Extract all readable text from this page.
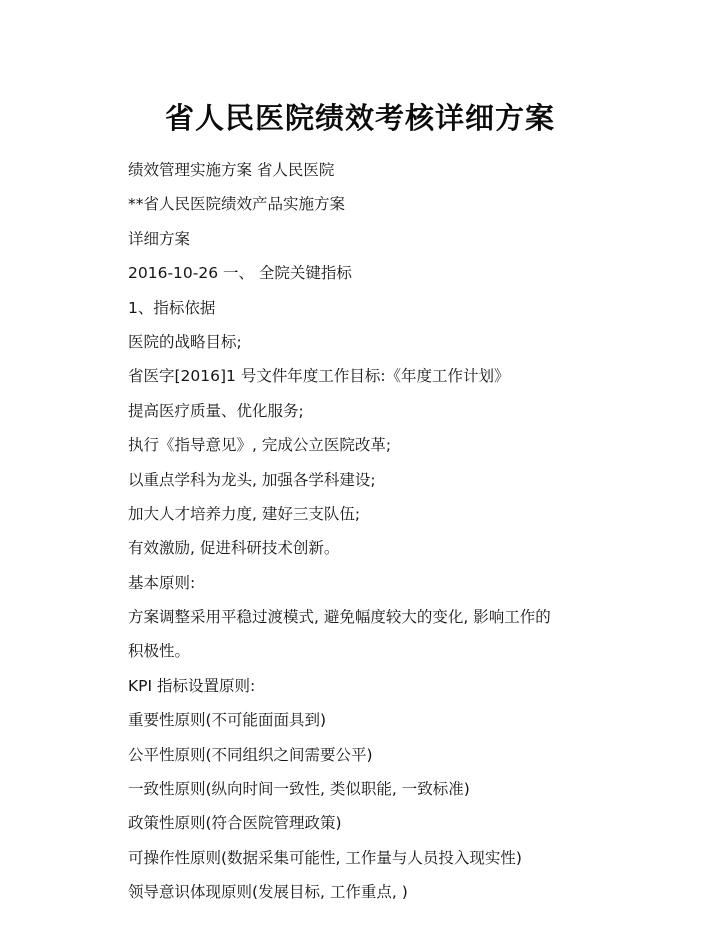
省人民医院绩效考核详细方案
绩效管理实施方案 省人民医院
**省人民医院绩效产品实施方案
详细方案
2016-10-26 一、 全院关键指标
1、指标依据
医院的战略目标;
省医字[2016]1 号文件年度工作目标:《年度工作计划》
提高医疗质量、优化服务;
执行《指导意见》, 完成公立医院改革;
以重点学科为龙头, 加强各学科建设;
加大人才培养力度, 建好三支队伍;
有效激励, 促进科研技术创新。
基本原则:
方案调整采用平稳过渡模式, 避免幅度较大的变化, 影响工作的
积极性。
KPI 指标设置原则:
重要性原则(不可能面面具到)
公平性原则(不同组织之间需要公平)
一致性原则(纵向时间一致性, 类似职能, 一致标准)
政策性原则(符合医院管理政策)
可操作性原则(数据采集可能性, 工作量与人员投入现实性)
领导意识体现原则(发展目标, 工作重点, )
